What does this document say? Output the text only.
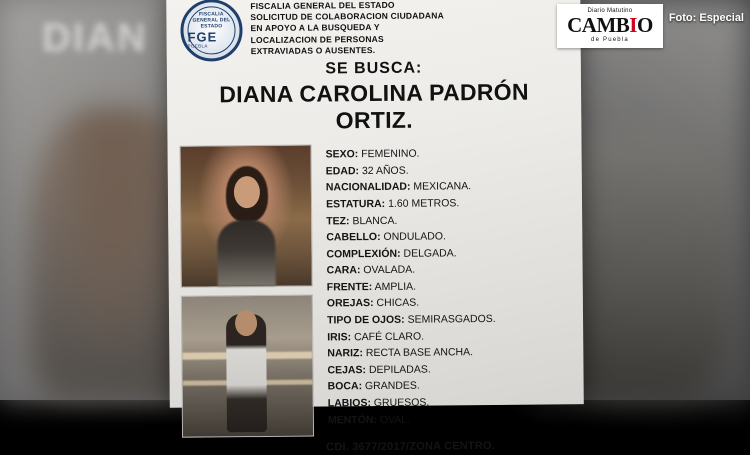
DIAN
FISCALIA GENERAL DEL ESTADO
FGE
PUEBLA
FISCALIA GENERAL DEL ESTADO
SOLICITUD DE COLABORACION CIUDADANA
EN APOYO A LA BUSQUEDA Y
LOCALIZACION DE PERSONAS
EXTRAVIADAS O AUSENTES.
SE BUSCA:
DIANA CAROLINA PADRÓN ORTIZ.
SEXO: FEMENINO.
EDAD: 32 AÑOS.
NACIONALIDAD: MEXICANA.
ESTATURA: 1.60 METROS.
TEZ: BLANCA.
CABELLO: ONDULADO.
COMPLEXIÓN: DELGADA.
CARA: OVALADA.
FRENTE: AMPLIA.
OREJAS: CHICAS.
TIPO DE OJOS: SEMIRASGADOS.
IRIS: CAFÉ CLARO.
NARIZ: RECTA BASE ANCHA.
CEJAS: DEPILADAS.
BOCA: GRANDES.
LABIOS: GRUESOS.
MENTÓN: OVAL.
CDI. 3677/2017/ZONA CENTRO.
Diario Matutino
CAMBIO
de Puebla
Foto: Especial
